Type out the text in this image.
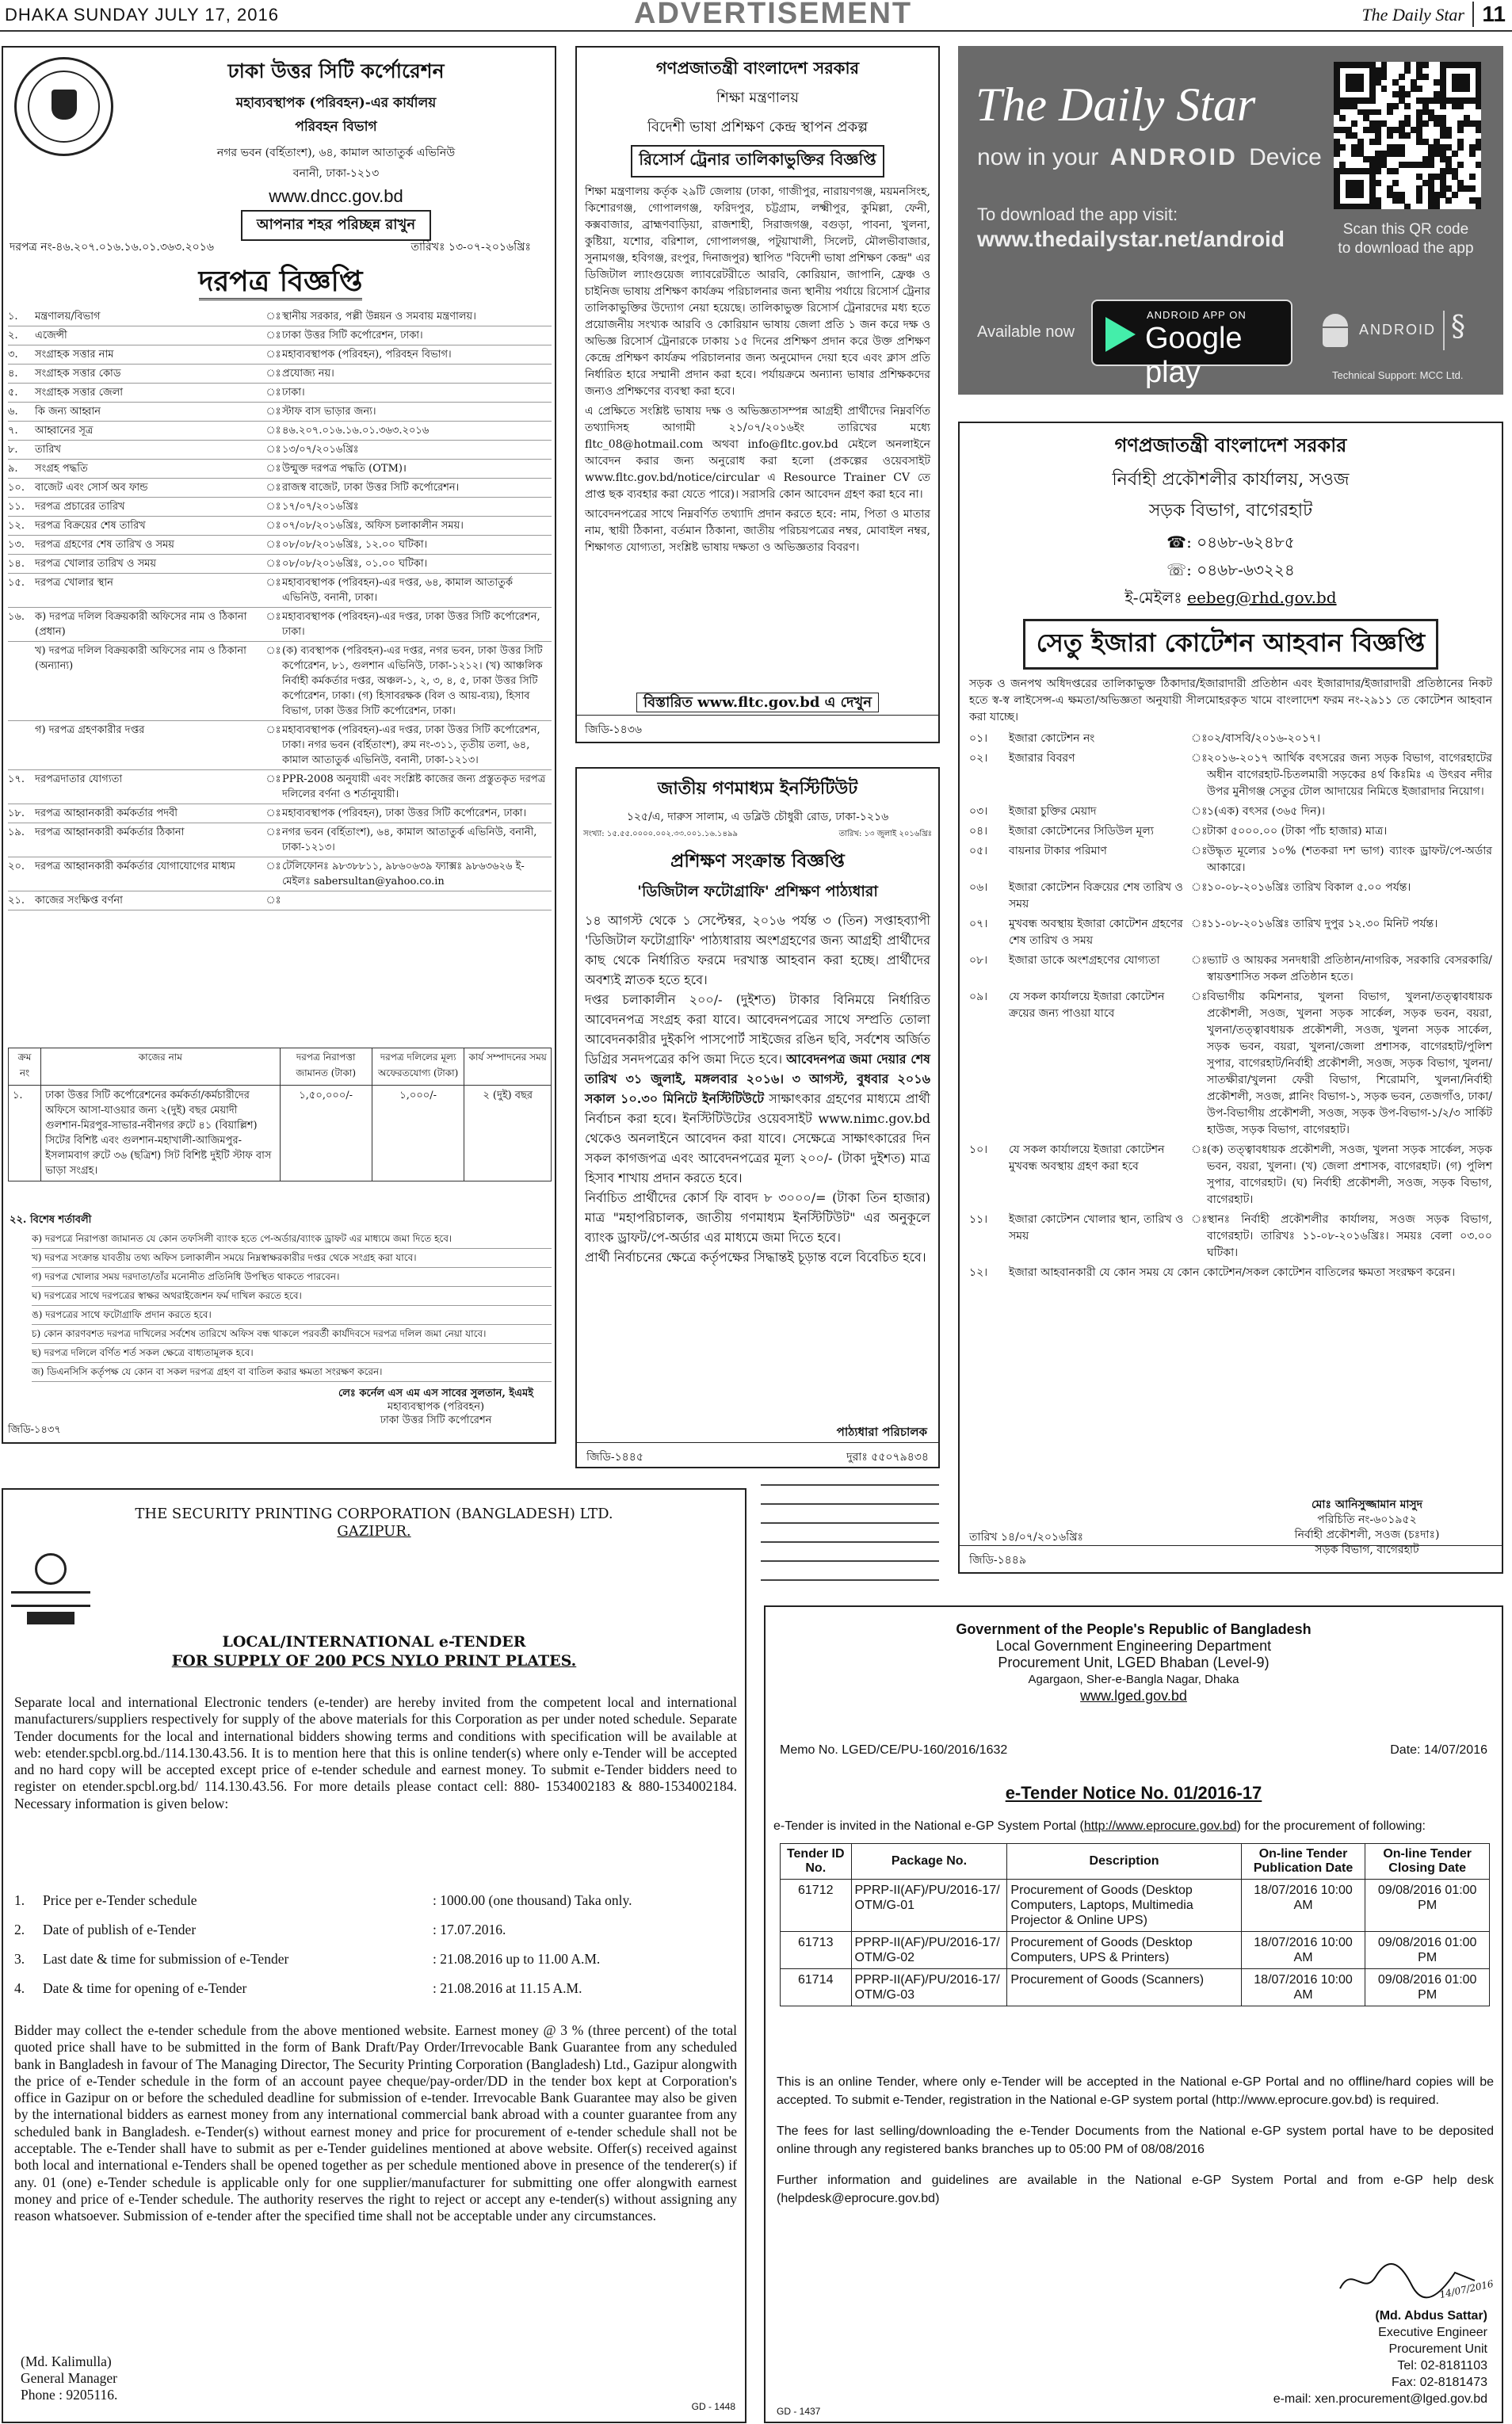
DHAKA SUNDAY JULY 17, 2016	ADVERTISEMENT	The Daily Star 11
ঢাকা উত্তর সিটি কর্পোরেশন
মহাব্যবস্থাপক (পরিবহন)-এর কার্যালয়
পরিবহন বিভাগ
নগর ভবন (বর্হিতাংশ), ৬৪, কামাল আতাতুর্ক এভিনিউ
বনানী, ঢাকা-১২১৩
www.dncc.gov.bd
আপনার শহর পরিচ্ছন্ন রাখুন
দরপত্র নং-৪৬.২০৭.০১৬.১৬.০১.৩৬৩.২০১৬	তারিখঃ ১৩-০৭-২০১৬খ্রিঃ
দরপত্র বিজ্ঞপ্তি
১.	মন্ত্রণালয়/বিভাগ	ঃ স্থানীয় সরকার, পল্লী উন্নয়ন ও সমবায় মন্ত্রণালয়।
২.	এজেন্সী	ঃ ঢাকা উত্তর সিটি কর্পোরেশন, ঢাকা।
৩.	সংগ্রাহক সত্তার নাম	ঃ মহাব্যবস্থাপক (পরিবহন), পরিবহন বিভাগ।
৪.	সংগ্রাহক সত্তার কোড	ঃ প্রযোজ্য নয়।
৫.	সংগ্রাহক সত্তার জেলা	ঃ ঢাকা।
৬.	কি জন্য আহ্বান	ঃ স্টাফ বাস ভাড়ার জন্য।
৭.	আহ্বানের সূত্র	ঃ ৪৬.২০৭.০১৬.১৬.০১.৩৬৩.২০১৬
৮.	তারিখ	ঃ ১৩/০৭/২০১৬খ্রিঃ
৯.	সংগ্রহ পদ্ধতি	ঃ উন্মুক্ত দরপত্র পদ্ধতি (OTM)।
১০. বাজেট এবং সোর্স অব ফান্ড	ঃ রাজস্ব বাজেট, ঢাকা উত্তর সিটি কর্পোরেশন।
১১. দরপত্র প্রচারের তারিখ	ঃ ১৭/০৭/২০১৬খ্রিঃ
১২. দরপত্র বিক্রয়ের শেষ তারিখ	ঃ ০৭/০৮/২০১৬খ্রিঃ, অফিস চলাকালীন সময়।
১৩. দরপত্র গ্রহণের শেষ তারিখ ও সময়	ঃ ০৮/০৮/২০১৬খ্রিঃ, ১২.০০ ঘটিকা।
১৪. দরপত্র খোলার তারিখ ও সময়	ঃ ০৮/০৮/২০১৬খ্রিঃ, ০১.০০ ঘটিকা।
১৫. দরপত্র খোলার স্থান	ঃ মহাব্যবস্থাপক (পরিবহন)-এর দপ্তর, ৬৪, কামাল আতাতুর্ক এভিনিউ, বনানী, ঢাকা।
১৬. ক) দরপত্র দলিল বিক্রয়কারী অফিসের নাম ও ঠিকানা (প্রধান)
ঃ মহাব্যবস্থাপক (পরিবহন)-এর দপ্তর, ঢাকা উত্তর সিটি কর্পোরেশন, ঢাকা।
খ) দরপত্র দলিল বিক্রয়কারী অফিসের নাম ও ঠিকানা (অন্যান্য)
ঃ (ক) ব্যবস্থাপক (পরিবহন)-এর দপ্তর, নগর ভবন, ঢাকা উত্তর সিটি কর্পোরেশন, ৮১, গুলশান এভিনিউ, ঢাকা-১২১২। (খ) আঞ্চলিক নির্বাহী কর্মকর্তার দপ্তর, অঞ্চল-১, ২, ৩, ৪, ৫, ঢাকা উত্তর সিটি কর্পোরেশন, ঢাকা। (গ) হিসাবরক্ষক (বিল ও আয়-ব্যয়), হিসাব বিভাগ, ঢাকা উত্তর সিটি কর্পোরেশন, ঢাকা।
গ) দরপত্র গ্রহণকারীর দপ্তর	ঃ মহাব্যবস্থাপক (পরিবহন)-এর দপ্তর, ঢাকা উত্তর সিটি কর্পোরেশন, ঢাকা। নগর ভবন (বর্হিতাংশ), রুম নং-৩১১, তৃতীয় তলা, ৬৪, কামাল আতাতুর্ক এভিনিউ, বনানী, ঢাকা-১২১৩।
১৭. দরপত্রদাতার যোগ্যতা	ঃ PPR-2008 অনুযায়ী এবং সংশ্লিষ্ট কাজের জন্য প্রস্তুতকৃত দরপত্র দলিলের বর্ণনা ও শর্তানুযায়ী।
১৮. দরপত্র আহ্বানকারী কর্মকর্তার পদবী	ঃ মহাব্যবস্থাপক (পরিবহন), ঢাকা উত্তর সিটি কর্পোরেশন, ঢাকা।
১৯. দরপত্র আহ্বানকারী কর্মকর্তার ঠিকানা	ঃ নগর ভবন (বর্হিতাংশ), ৬৪, কামাল আতাতুর্ক এভিনিউ, বনানী, ঢাকা-১২১৩।
২০. দরপত্র আহ্বানকারী কর্মকর্তার যোগাযোগের মাধ্যম	ঃ টেলিফোনঃ ৯৮৩৮৮১১, ৯৮৬০৬৩৯ ফ্যাক্সঃ ৯৮৬৩৬২৬ ই-মেইলঃ sabersultan@yahoo.co.in
২১. কাজের সংক্ষিপ্ত বর্ণনা	ঃ
ক্রম নং	কাজের নাম	দরপত্র নিরাপত্তা জামানত (টাকা)	দরপত্র দলিলের মূল্য অফেরতযোগ্য (টাকা)	কার্য সম্পাদনের সময়
১.	ঢাকা উত্তর সিটি কর্পোরেশনের কর্মকর্তা/কর্মচারীদের অফিসে আসা-যাওয়ার জন্য ২(দুই) বছর মেয়াদী গুলশান-মিরপুর-সাভার-নবীনগর রুটে ৪১ (বিয়াল্লিশ) সিটের বিশিষ্ট এবং গুলশান-মহাখালী-আজিমপুর-ইসলামবাগ রুটে ৩৬ (ছত্রিশ) সিট বিশিষ্ট দুইটি স্টাফ বাস ভাড়া সংগ্রহ।	১,৫০,০০০/-	১,০০০/-	২ (দুই) বছর
২২. বিশেষ শর্তাবলী
ক) দরপত্রে নিরাপত্তা জামানত যে কোন তফসিলী ব্যাংক হতে পে-অর্ডার/ব্যাংক ড্রাফট এর মাধ্যমে জমা দিতে হবে।
খ) দরপত্র সংক্রান্ত যাবতীয় তথ্য অফিস চলাকালীন সময়ে নিম্নস্বাক্ষরকারীর দপ্তর থেকে সংগ্রহ করা যাবে।
গ) দরপত্র খোলার সময় দরদাতা/তাঁর মনোনীত প্রতিনিধি উপস্থিত থাকতে পারবেন।
ঘ) দরপত্রের সাথে দরপত্রের স্বাক্ষর অথরাইজেশন ফর্ম দাখিল করতে হবে।
ঙ) দরপত্রের সাথে ফটোগ্রাফি প্রদান করতে হবে।
চ) কোন কারণবশত দরপত্র দাখিলের সর্বশেষ তারিখে অফিস বন্ধ থাকলে পরবর্তী কার্যদিবসে দরপত্র দলিল জমা নেয়া যাবে।
ছ) দরপত্র দলিলে বর্ণিত শর্ত সকল ক্ষেত্রে বাধ্যতামূলক হবে।
জ) ডিএনসিসি কর্তৃপক্ষ যে কোন বা সকল দরপত্র গ্রহণ বা বাতিল করার ক্ষমতা সংরক্ষণ করেন।
লেঃ কর্নেল এস এম এস সাবের সুলতান, ইএমই
মহাব্যবস্থাপক (পরিবহন)
ঢাকা উত্তর সিটি কর্পোরেশন
জিডি-১৪৩৭
গণপ্রজাতন্ত্রী বাংলাদেশ সরকার
শিক্ষা মন্ত্রণালয়
বিদেশী ভাষা প্রশিক্ষণ কেন্দ্র স্থাপন প্রকল্প
রিসোর্স ট্রেনার তালিকাভুক্তির বিজ্ঞপ্তি
শিক্ষা মন্ত্রণালয় কর্তৃক ২৯টি জেলায় (ঢাকা, গাজীপুর, নারায়ণগঞ্জ, ময়মনসিংহ, কিশোরগঞ্জ, গোপালগঞ্জ, ফরিদপুর, চট্টগ্রাম, লক্ষ্মীপুর, কুমিল্লা, ফেনী, কক্সবাজার, ব্রাহ্মণবাড়িয়া, রাজশাহী, সিরাজগঞ্জ, বগুড়া, পাবনা, খুলনা, কুষ্টিয়া, যশোর, বরিশাল, গোপালগঞ্জ, পটুয়াখালী, সিলেট, মৌলভীবাজার, সুনামগঞ্জ, হবিগঞ্জ, রংপুর, দিনাজপুর) স্থাপিত "বিদেশী ভাষা প্রশিক্ষণ কেন্দ্র" এর ডিজিটাল ল্যাংগুয়েজ ল্যাবরেটরীতে আরবি, কোরিয়ান, জাপানি, ফ্রেঞ্চ ও চাইনিজ ভাষায় প্রশিক্ষণ কার্যক্রম পরিচালনার জন্য স্থানীয় পর্যায়ে রিসোর্স ট্রেনার তালিকাভুক্তির উদ্যোগ নেয়া হয়েছে। তালিকাভুক্ত রিসোর্স ট্রেনারদের মধ্য হতে প্রয়োজনীয় সংখ্যক আরবি ও কোরিয়ান ভাষায় জেলা প্রতি ১ জন করে দক্ষ ও অভিজ্ঞ রিসোর্স ট্রেনারকে ঢাকায় ১৫ দিনের প্রশিক্ষণ প্রদান করে উক্ত প্রশিক্ষণ কেন্দ্রে প্রশিক্ষণ কার্যক্রম পরিচালনার জন্য অনুমোদন দেয়া হবে এবং ক্লাস প্রতি নির্ধারিত হারে সম্মানী প্রদান করা হবে। পর্যায়ক্রমে অন্যান্য ভাষার প্রশিক্ষকদের জন্যও প্রশিক্ষণের ব্যবস্থা করা হবে।
এ প্রেক্ষিতে সংশ্লিষ্ট ভাষায় দক্ষ ও অভিজ্ঞতাসম্পন্ন আগ্রহী প্রার্থীদের নিম্নবর্ণিত তথ্যাদিসহ আগামী ২১/০৭/২০১৬ইং তারিখের মধ্যে fltc_08@hotmail.com অথবা info@fltc.gov.bd মেইলে অনলাইনে আবেদন করার জন্য অনুরোধ করা হলো (প্রকল্পের ওয়েবসাইট www.fltc.gov.bd/notice/circular এ Resource Trainer CV তে প্রাপ্ত ছক ব্যবহার করা যেতে পারে)। সরাসরি কোন আবেদন গ্রহণ করা হবে না।
আবেদনপত্রের সাথে নিম্নবর্ণিত তথ্যাদি প্রদান করতে হবে: নাম, পিতা ও মাতার নাম, স্থায়ী ঠিকানা, বর্তমান ঠিকানা, জাতীয় পরিচয়পত্রের নম্বর, মোবাইল নম্বর, শিক্ষাগত যোগ্যতা, সংশ্লিষ্ট ভাষায় দক্ষতা ও অভিজ্ঞতার বিবরণ।
বিস্তারিত www.fltc.gov.bd এ দেখুন
জিডি-১৪৩৬
জাতীয় গণমাধ্যম ইনস্টিটিউট
১২৫/এ, দারুস সালাম, এ ডব্লিউ চৌধুরী রোড, ঢাকা-১২১৬
সংখ্যা: ১৫.৫৫.০০০০.০০২.৩৩.০০১.১৬.১৪৯৯	তারিখ: ১৩ জুলাই ২০১৬খ্রিঃ
প্রশিক্ষণ সংক্রান্ত বিজ্ঞপ্তি
'ডিজিটাল ফটোগ্রাফি' প্রশিক্ষণ পাঠ্যধারা
১৪ আগস্ট থেকে ১ সেপ্টেম্বর, ২০১৬ পর্যন্ত ৩ (তিন) সপ্তাহব্যাপী 'ডিজিটাল ফটোগ্রাফি' পাঠ্যধারায় অংশগ্রহণের জন্য আগ্রহী প্রার্থীদের কাছ থেকে নির্ধারিত ফরমে দরখাস্ত আহবান করা হচ্ছে। প্রার্থীদের অবশ্যই স্নাতক হতে হবে।
দপ্তর চলাকালীন ২০০/- (দুইশত) টাকার বিনিময়ে নির্ধারিত আবেদনপত্র সংগ্রহ করা যাবে। আবেদনপত্রের সাথে সম্প্রতি তোলা আবেদনকারীর দুইকপি পাসপোর্ট সাইজের রঙিন ছবি, সর্বশেষ অর্জিত ডিগ্রির সনদপত্রের কপি জমা দিতে হবে। আবেদনপত্র জমা দেয়ার শেষ তারিখ ৩১ জুলাই, মঙ্গলবার ২০১৬। ৩ আগস্ট, বুধবার ২০১৬ সকাল ১০.৩০ মিনিটে ইনস্টিটিউটে সাক্ষাৎকার গ্রহণের মাধ্যমে প্রার্থী নির্বাচন করা হবে। ইনস্টিটিউটের ওয়েবসাইট www.nimc.gov.bd থেকেও অনলাইনে আবেদন করা যাবে। সেক্ষেত্রে সাক্ষাৎকারের দিন সকল কাগজপত্র এবং আবেদনপত্রের মূল্য ২০০/- (টাকা দুইশত) মাত্র হিসাব শাখায় প্রদান করতে হবে।
নির্বাচিত প্রার্থীদের কোর্স ফি বাবদ ৮ ৩০০০/= (টাকা তিন হাজার) মাত্র "মহাপরিচালক, জাতীয় গণমাধ্যম ইনস্টিটিউট" এর অনুকূলে ব্যাংক ড্রাফট/পে-অর্ডার এর মাধ্যমে জমা দিতে হবে।
প্রার্থী নির্বাচনের ক্ষেত্রে কর্তৃপক্ষের সিদ্ধান্তই চূড়ান্ত বলে বিবেচিত হবে।
পাঠ্যধারা পরিচালক
জিডি-১৪৪৫	দুরাঃ ৫৫০৭৯৪৩৪
The Daily Star
now in your ANDROID Device
To download the app visit:
www.thedailystar.net/android	Scan this QR code
to download the app
Available now
ANDROID APP ON
Google play
ANDROID §
Technical Support: MCC Ltd.
গণপ্রজাতন্ত্রী বাংলাদেশ সরকার
নির্বাহী প্রকৌশলীর কার্যালয়, সওজ
সড়ক বিভাগ, বাগেরহাট
☎: ০৪৬৮-৬২৪৮৫
☏: ০৪৬৮-৬৩২২৪
ই-মেইলঃ eebeg@rhd.gov.bd
সেতু ইজারা কোটেশন আহবান বিজ্ঞপ্তি
সড়ক ও জনপথ অধিদপ্তরের তালিকাভুক্ত ঠিকাদার/ইজারাদারী প্রতিষ্ঠান এবং ইজারাদার/ইজারাদারী প্রতিষ্ঠানের নিকট হতে স্ব-স্ব লাইসেন্স-এ ক্ষমতা/অভিজ্ঞতা অনুযায়ী সীলমোহরকৃত খামে বাংলাদেশ ফরম নং-২৯১১ তে কোটেশন আহবান করা যাচ্ছে।
০১।	ইজারা কোটেশন নং	ঃ ০২/বাসবি/২০১৬-২০১৭।
০২।	ইজারার বিবরণ	ঃ ২০১৬-২০১৭ আর্থিক বৎসরের জন্য সড়ক বিভাগ, বাগেরহাটের অধীন বাগেরহাট-চিতলমারী সড়কের ৪র্থ কিঃমিঃ এ উৎরব নদীর উপর মুনীগঞ্জ সেতুর টোল আদায়ের নিমিত্তে ইজারাদার নিয়োগ।
০৩।	ইজারা চুক্তির মেয়াদ	ঃ ১(এক) বৎসর (৩৬৫ দিন)।
০৪।	ইজারা কোটেশনের সিডিউল মূল্য	ঃ টাকা ৫০০০.০০ (টাকা পাঁচ হাজার) মাত্র।
০৫।	বায়নার টাকার পরিমাণ	ঃ উদ্ধৃত মূল্যের ১০% (শতকরা দশ ভাগ) ব্যাংক ড্রাফট/পে-অর্ডার আকারে।
০৬।	ইজারা কোটেশন বিক্রয়ের শেষ তারিখ ও সময়
ঃ ১০-০৮-২০১৬খ্রিঃ তারিখ বিকাল ৫.০০ পর্যন্ত।
০৭।	মুখবন্ধ অবস্থায় ইজারা কোটেশন গ্রহণের শেষ তারিখ ও সময়
ঃ ১১-০৮-২০১৬খ্রিঃ তারিখ দুপুর ১২.৩০ মিনিট পর্যন্ত।
০৮।	ইজারা ডাকে অংশগ্রহণের যোগ্যতা	ঃ ভ্যাট ও আয়কর সনদধারী প্রতিষ্ঠান/নাগরিক, সরকারি বেসরকারি/স্বায়ত্তশাসিত সকল প্রতিষ্ঠান হতে।
০৯।	যে সকল কার্যালয়ে ইজারা কোটেশন ক্রয়ের জন্য পাওয়া যাবে
ঃ বিভাগীয় কমিশনার, খুলনা বিভাগ, খুলনা/তত্ত্বাবধায়ক প্রকৌশলী, সওজ, খুলনা সড়ক সার্কেল, সড়ক ভবন, বয়রা, খুলনা/তত্ত্বাবধায়ক প্রকৌশলী, সওজ, খুলনা সড়ক সার্কেল, সড়ক ভবন, বয়রা, খুলনা/জেলা প্রশাসক, বাগেরহাট/পুলিশ সুপার, বাগেরহাট/নির্বাহী প্রকৌশলী, সওজ, সড়ক বিভাগ, খুলনা/সাতক্ষীরা/খুলনা ফেরী বিভাগ, শিরোমণি, খুলনা/নির্বাহী প্রকৌশলী, সওজ, প্লানিং বিভাগ-১, সড়ক ভবন, তেজগাঁও, ঢাকা/উপ-বিভাগীয় প্রকৌশলী, সওজ, সড়ক উপ-বিভাগ-১/২/৩ সার্কিট হাউজ, সড়ক বিভাগ, বাগেরহাট।
১০।	যে সকল কার্যালয়ে ইজারা কোটেশন মুখবন্ধ অবস্থায় গ্রহণ করা হবে
ঃ (ক) তত্ত্বাবধায়ক প্রকৌশলী, সওজ, খুলনা সড়ক সার্কেল, সড়ক ভবন, বয়রা, খুলনা। (খ) জেলা প্রশাসক, বাগেরহাট। (গ) পুলিশ সুপার, বাগেরহাট। (ঘ) নির্বাহী প্রকৌশলী, সওজ, সড়ক বিভাগ, বাগেরহাট।
১১।	ইজারা কোটেশন খোলার স্থান, তারিখ ও সময়
ঃ স্থানঃ নির্বাহী প্রকৌশলীর কার্যালয়, সওজ সড়ক বিভাগ, বাগেরহাট। তারিখঃ ১১-০৮-২০১৬খ্রিঃ। সময়ঃ বেলা ০৩.০০ ঘটিকা।
১২।	ইজারা আহবানকারী যে কোন সময় যে কোন কোটেশন/সকল কোটেশন বাতিলের ক্ষমতা সংরক্ষণ করেন।
মোঃ আনিসুজ্জামান মাসুদ
পরিচিতি নং-৬০১৯৫২
নির্বাহী প্রকৌশলী, সওজ (চঃদাঃ)
সড়ক বিভাগ, বাগেরহাট
তারিখ ১৪/০৭/২০১৬খ্রিঃ
জিডি-১৪৪৯
THE SECURITY PRINTING CORPORATION (BANGLADESH) LTD.
GAZIPUR.
LOCAL/INTERNATIONAL e-TENDER
FOR SUPPLY OF 200 PCS NYLO PRINT PLATES.
Separate local and international Electronic tenders (e-tender) are hereby invited from the competent local and international manufacturers/suppliers respectively for supply of the above materials for this Corporation as per under noted schedule. Separate Tender documents for the local and international bidders showing terms and conditions with specification will be available at web: etender.spcbl.org.bd./114.130.43.56. It is to mention here that this is online tender(s) where only e-Tender will be accepted and no hard copy will be accepted except price of e-tender schedule and earnest money. To submit e-Tender bidders need to register on etender.spcbl.org.bd/ 114.130.43.56. For more details please contact cell: 880- 1534002183 & 880-1534002184. Necessary information is given below:
1.	Price per e-Tender schedule	: 1000.00 (one thousand) Taka only.
2.	Date of publish of e-Tender	: 17.07.2016.
3.	Last date & time for submission of e-Tender	: 21.08.2016 up to 11.00 A.M.
4.	Date & time for opening of e-Tender	: 21.08.2016 at 11.15 A.M.
Bidder may collect the e-tender schedule from the above mentioned website. Earnest money @ 3 % (three percent) of the total quoted price shall have to be submitted in the form of Bank Draft/Pay Order/Irrevocable Bank Guarantee from any scheduled bank in Bangladesh in favour of The Managing Director, The Security Printing Corporation (Bangladesh) Ltd., Gazipur alongwith the price of e-Tender schedule in the form of an account payee cheque/pay-order/DD in the tender box kept at Corporation's office in Gazipur on or before the scheduled deadline for submission of e-tender. Irrevocable Bank Guarantee may also be given by the international bidders as earnest money from any international commercial bank abroad with a counter guarantee from any scheduled bank in Bangladesh. e-Tender(s) without earnest money and price for procurement of e-tender schedule shall not be acceptable. The e-Tender shall have to submit as per e-Tender guidelines mentioned at above website. Offer(s) received against both local and international e-Tenders shall be opened together as per schedule mentioned above in presence of the tenderer(s) if any. 01 (one) e-Tender schedule is applicable only for one supplier/manufacturer for submitting one offer alongwith earnest money and price of e-Tender schedule. The authority reserves the right to reject or accept any e-tender(s) without assigning any reason whatsoever. Submission of e-tender after the specified time shall not be acceptable under any circumstances.
(Md. Kalimulla)
General Manager
Phone : 9205116.
GD - 1448
Government of the People's Republic of Bangladesh
Local Government Engineering Department
Procurement Unit, LGED Bhaban (Level-9)
Agargaon, Sher-e-Bangla Nagar, Dhaka
www.lged.gov.bd
Memo No. LGED/CE/PU-160/2016/1632	Date: 14/07/2016
e-Tender Notice No. 01/2016-17
e-Tender is invited in the National e-GP System Portal (http://www.eprocure.gov.bd) for the procurement of following:
Tender ID No.	Package No.	Description	On-line Tender Publication Date	On-line Tender Closing Date
61712	PPRP-II(AF)/PU/2016-17/ OTM/G-01	Procurement of Goods (Desktop Computers, Laptops, Multimedia Projector & Online UPS)	18/07/2016 10:00 AM	09/08/2016 01:00 PM
61713	PPRP-II(AF)/PU/2016-17/ OTM/G-02	Procurement of Goods (Desktop Computers, UPS & Printers)	18/07/2016 10:00 AM	09/08/2016 01:00 PM
61714	PPRP-II(AF)/PU/2016-17/ OTM/G-03	Procurement of Goods (Scanners)	18/07/2016 10:00 AM	09/08/2016 01:00 PM
This is an online Tender, where only e-Tender will be accepted in the National e-GP Portal and no offline/hard copies will be accepted. To submit e-Tender, registration in the National e-GP system portal (http://www.eprocure.gov.bd) is required.
The fees for last selling/downloading the e-Tender Documents from the National e-GP system portal have to be deposited online through any registered banks branches up to 05:00 PM of 08/08/2016
Further information and guidelines are available in the National e-GP System Portal and from e-GP help desk (helpdesk@eprocure.gov.bd)
14/07/2016
(Md. Abdus Sattar)
Executive Engineer
Procurement Unit
Tel: 02-8181103
Fax: 02-8181473
e-mail: xen.procurement@lged.gov.bd
GD - 1437
